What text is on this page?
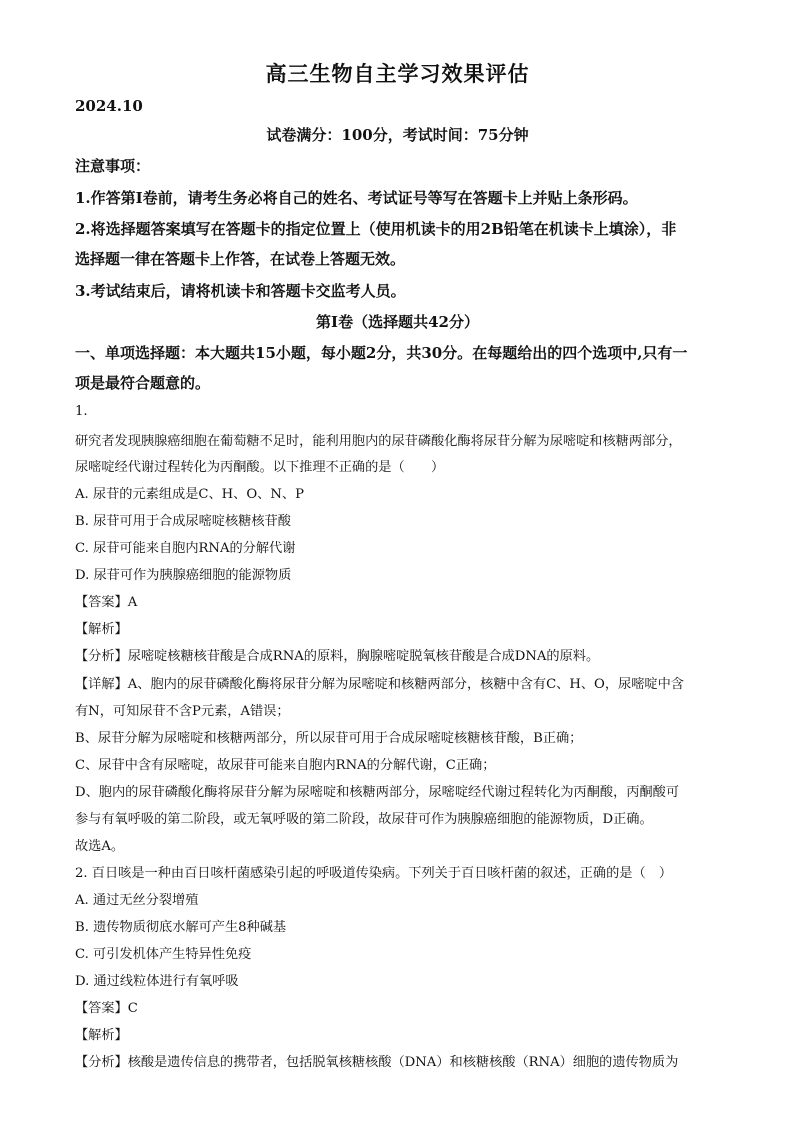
高三生物自主学习效果评估
2024.10
试卷满分：100分，考试时间：75分钟
注意事项：
1.作答第Ⅰ卷前，请考生务必将自己的姓名、考试证号等写在答题卡上并贴上条形码。
2.将选择题答案填写在答题卡的指定位置上（使用机读卡的用2B铅笔在机读卡上填涂），非
选择题一律在答题卡上作答，在试卷上答题无效。
3.考试结束后，请将机读卡和答题卡交监考人员。
第Ⅰ卷（选择题共42分）
一、单项选择题：本大题共15小题，每小题2分，共30分。在每题给出的四个选项中,只有一
项是最符合题意的。
1.
研究者发现胰腺癌细胞在葡萄糖不足时，能利用胞内的尿苷磷酸化酶将尿苷分解为尿嘧啶和核糖两部分，
尿嘧啶经代谢过程转化为丙酮酸。以下推理不正确的是（　　）
A. 尿苷的元素组成是C、H、O、N、P
B. 尿苷可用于合成尿嘧啶核糖核苷酸
C. 尿苷可能来自胞内RNA的分解代谢
D. 尿苷可作为胰腺癌细胞的能源物质
【答案】A
【解析】
【分析】尿嘧啶核糖核苷酸是合成RNA的原料，胸腺嘧啶脱氧核苷酸是合成DNA的原料。
【详解】A、胞内的尿苷磷酸化酶将尿苷分解为尿嘧啶和核糖两部分，核糖中含有C、H、O，尿嘧啶中含
有N，可知尿苷不含P元素，A错误；
B、尿苷分解为尿嘧啶和核糖两部分，所以尿苷可用于合成尿嘧啶核糖核苷酸，B正确；
C、尿苷中含有尿嘧啶，故尿苷可能来自胞内RNA的分解代谢，C正确；
D、胞内的尿苷磷酸化酶将尿苷分解为尿嘧啶和核糖两部分，尿嘧啶经代谢过程转化为丙酮酸，丙酮酸可
参与有氧呼吸的第二阶段，或无氧呼吸的第二阶段，故尿苷可作为胰腺癌细胞的能源物质，D正确。
故选A。
2. 百日咳是一种由百日咳杆菌感染引起的呼吸道传染病。下列关于百日咳杆菌的叙述，正确的是（　）
A. 通过无丝分裂增殖
B. 遗传物质彻底水解可产生8种碱基
C. 可引发机体产生特异性免疫
D. 通过线粒体进行有氧呼吸
【答案】C
【解析】
【分析】核酸是遗传信息的携带者，包括脱氧核糖核酸（DNA）和核糖核酸（RNA）细胞的遗传物质为
